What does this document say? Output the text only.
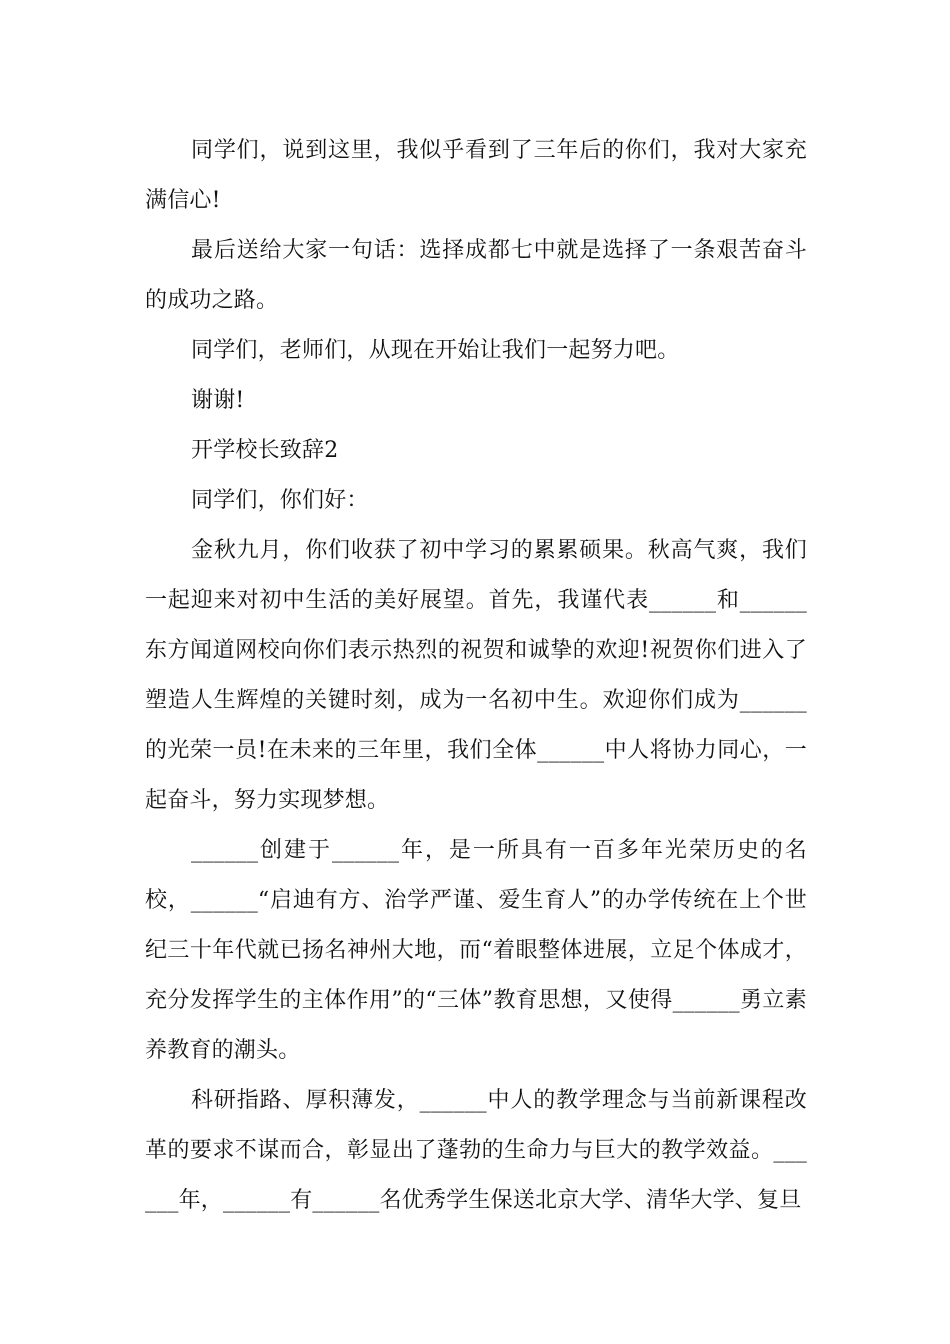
同学们，说到这里，我似乎看到了三年后的你们，我对大家充满信心!

最后送给大家一句话：选择成都七中就是选择了一条艰苦奋斗的成功之路。

同学们，老师们，从现在开始让我们一起努力吧。

谢谢!

开学校长致辞2

同学们，你们好：

金秋九月，你们收获了初中学习的累累硕果。秋高气爽，我们一起迎来对初中生活的美好展望。首先，我谨代表______和______东方闻道网校向你们表示热烈的祝贺和诚挚的欢迎!祝贺你们进入了塑造人生辉煌的关键时刻，成为一名初中生。欢迎你们成为______的光荣一员!在未来的三年里，我们全体______中人将协力同心，一起奋斗，努力实现梦想。

______创建于______年，是一所具有一百多年光荣历史的名校，______“启迪有方、治学严谨、爱生育人”的办学传统在上个世纪三十年代就已扬名神州大地，而“着眼整体进展，立足个体成才，充分发挥学生的主体作用”的“三体”教育思想，又使得______勇立素养教育的潮头。

科研指路、厚积薄发，______中人的教学理念与当前新课程改革的要求不谋而合，彰显出了蓬勃的生命力与巨大的教学效益。______年，______有______名优秀学生保送北京大学、清华大学、复旦
